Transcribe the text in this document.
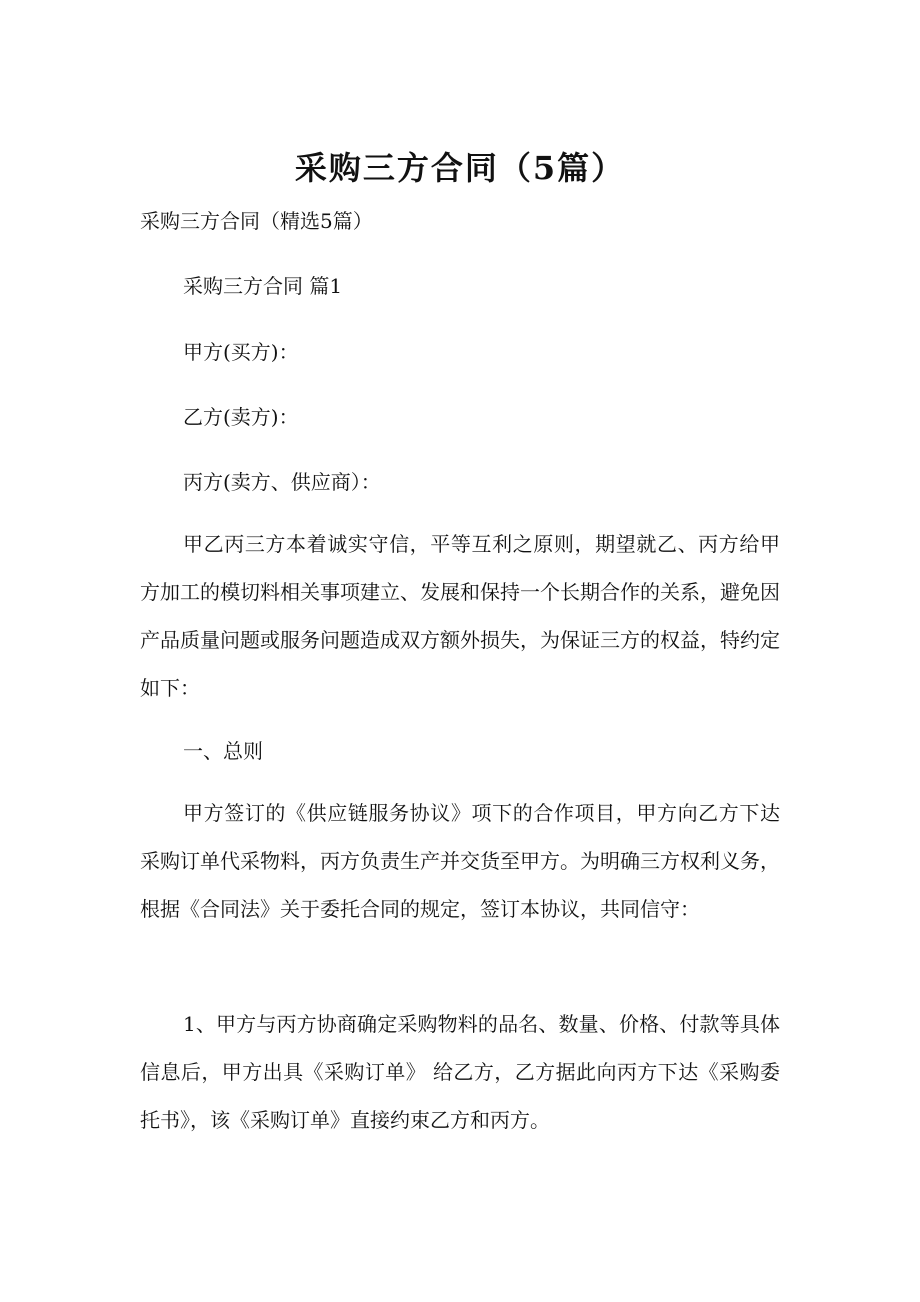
采购三方合同（5篇）
采购三方合同（精选5篇）
采购三方合同 篇1
甲方(买方)：
乙方(卖方)：
丙方(卖方、供应商）：
甲乙丙三方本着诚实守信，平等互利之原则，期望就乙、丙方给甲方加工的模切料相关事项建立、发展和保持一个长期合作的关系，避免因产品质量问题或服务问题造成双方额外损失，为保证三方的权益，特约定如下：
一、总则
甲方签订的《供应链服务协议》项下的合作项目，甲方向乙方下达采购订单代采物料，丙方负责生产并交货至甲方。为明确三方权利义务，根据《合同法》关于委托合同的规定，签订本协议，共同信守：
1、甲方与丙方协商确定采购物料的品名、数量、价格、付款等具体信息后，甲方出具《采购订单》 给乙方，乙方据此向丙方下达《采购委托书》，该《采购订单》直接约束乙方和丙方。
